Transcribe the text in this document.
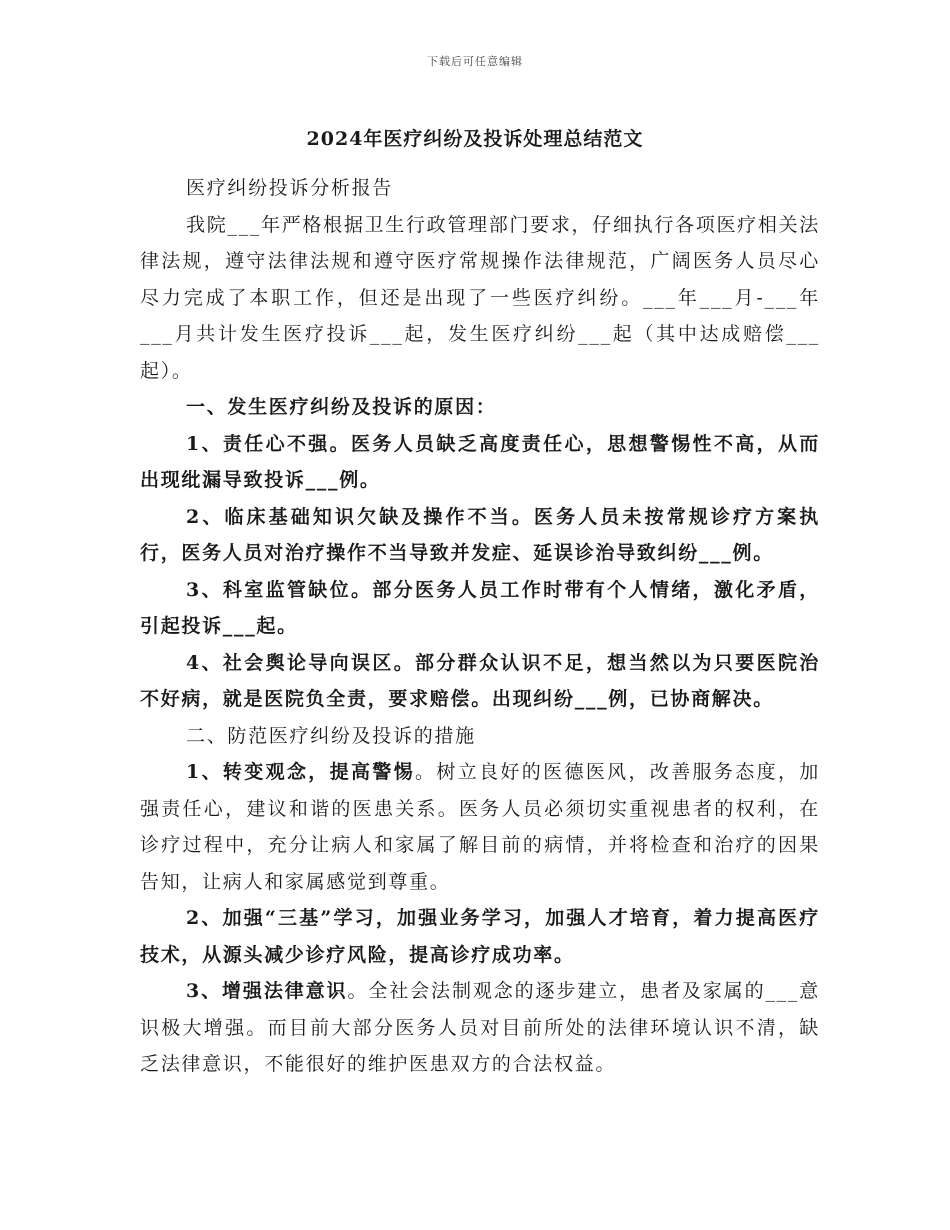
下载后可任意编辑
2024年医疗纠纷及投诉处理总结范文

医疗纠纷投诉分析报告

我院___年严格根据卫生行政管理部门要求，仔细执行各项医疗相关法律法规，遵守法律法规和遵守医疗常规操作法律规范，广阔医务人员尽心尽力完成了本职工作，但还是出现了一些医疗纠纷。___年___月-___年___月共计发生医疗投诉___起，发生医疗纠纷___起（其中达成赔偿___起）。

一、发生医疗纠纷及投诉的原因：

1、责任心不强。医务人员缺乏高度责任心，思想警惕性不高，从而出现纰漏导致投诉___例。

2、临床基础知识欠缺及操作不当。医务人员未按常规诊疗方案执行，医务人员对治疗操作不当导致并发症、延误诊治导致纠纷___例。

3、科室监管缺位。部分医务人员工作时带有个人情绪，激化矛盾，引起投诉___起。

4、社会舆论导向误区。部分群众认识不足，想当然以为只要医院治不好病，就是医院负全责，要求赔偿。出现纠纷___例，已协商解决。

二、防范医疗纠纷及投诉的措施

1、转变观念，提高警惕。树立良好的医德医风，改善服务态度，加强责任心，建议和谐的医患关系。医务人员必须切实重视患者的权利，在诊疗过程中，充分让病人和家属了解目前的病情，并将检查和治疗的因果告知，让病人和家属感觉到尊重。

2、加强“三基”学习，加强业务学习，加强人才培育，着力提高医疗技术，从源头减少诊疗风险，提高诊疗成功率。

3、增强法律意识。全社会法制观念的逐步建立，患者及家属的___意识极大增强。而目前大部分医务人员对目前所处的法律环境认识不清，缺乏法律意识，不能很好的维护医患双方的合法权益。
